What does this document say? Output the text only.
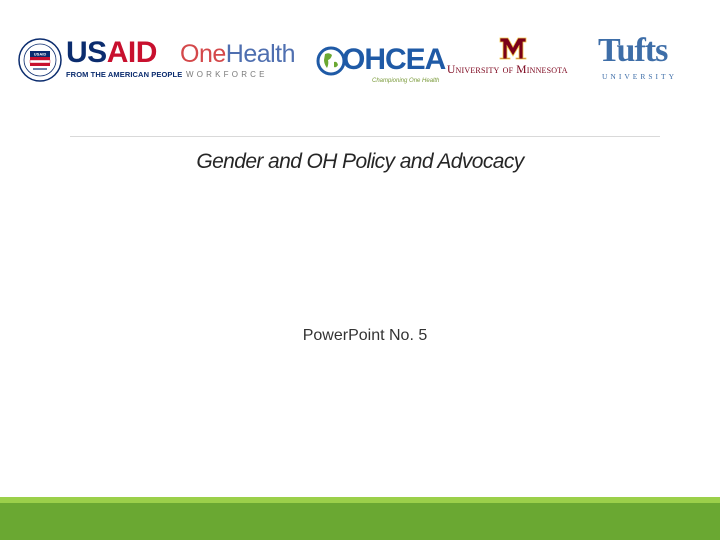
USAID USAID
FROM THE AMERICAN PEOPLE
OneHealth
WORKFORCE OHCEA
Championing One Health
University of Minnesota
Tufts
UNIVERSITY
Gender and OH Policy and Advocacy
PowerPoint No. 5
